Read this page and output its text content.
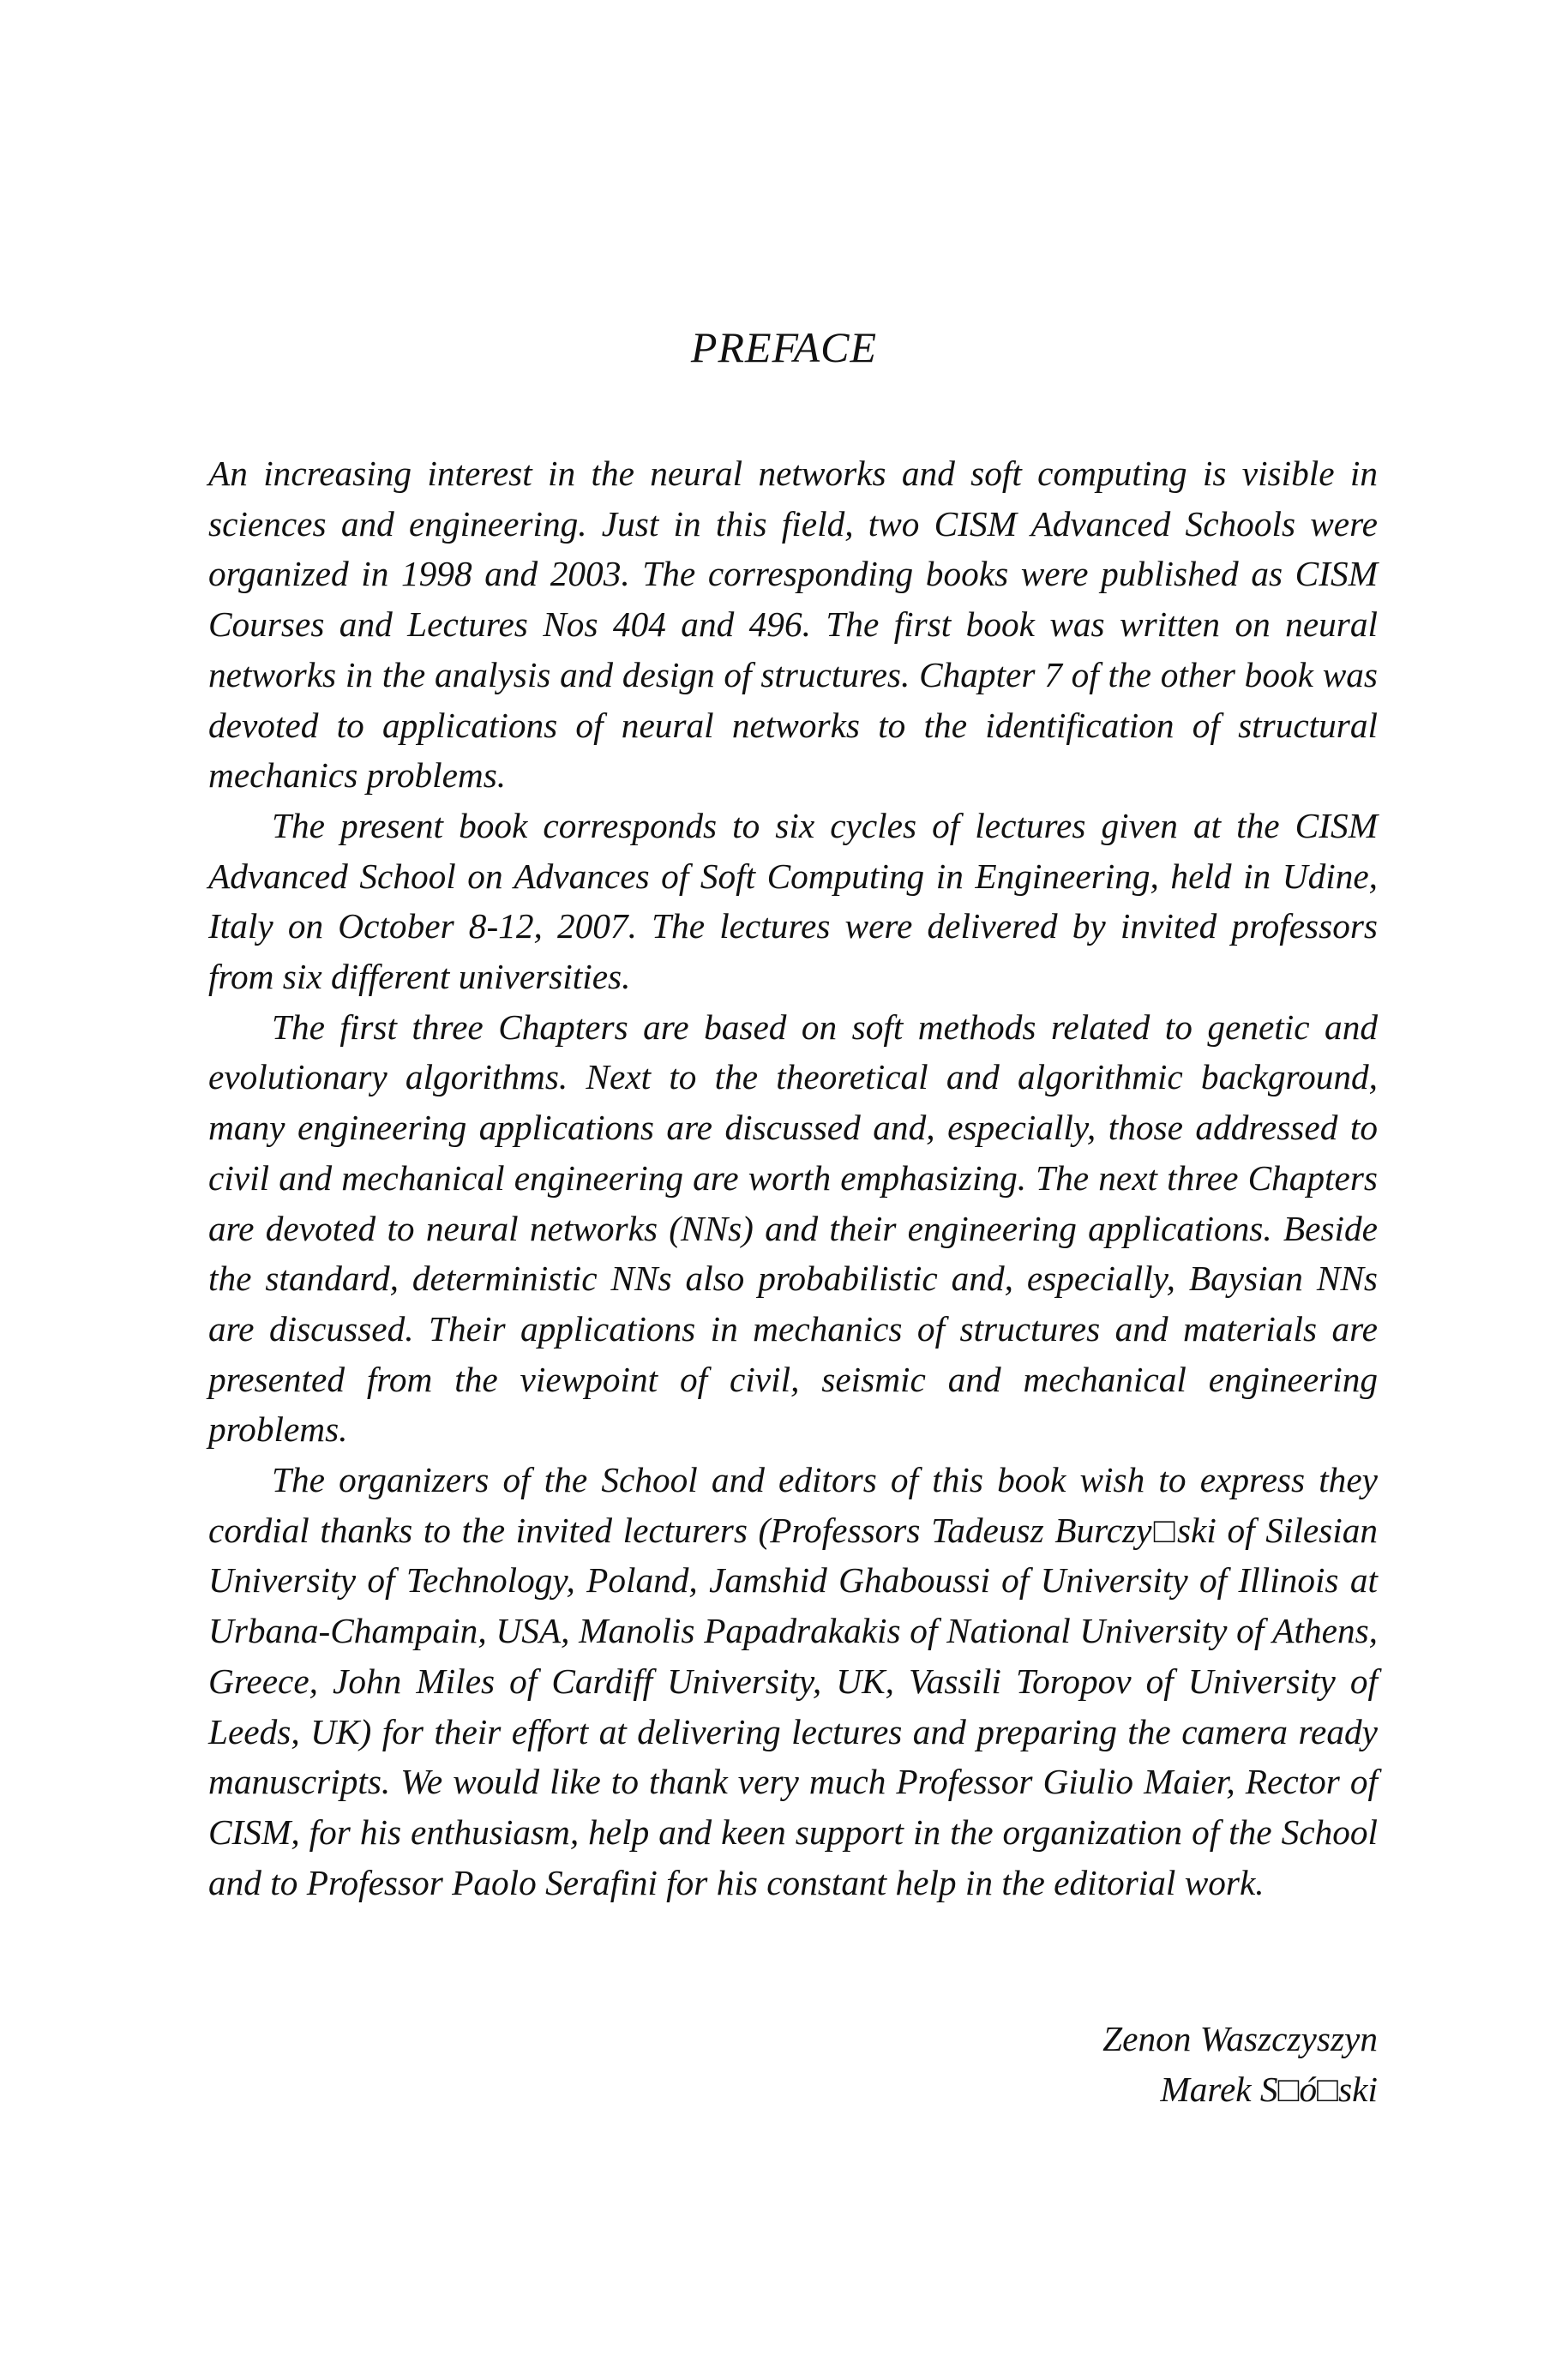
PREFACE

An increasing interest in the neural networks and soft computing is visible in sciences and engineering. Just in this field, two CISM Advanced Schools were organized in 1998 and 2003. The corresponding books were published as CISM Courses and Lectures Nos 404 and 496. The first book was written on neural networks in the analysis and design of structures. Chapter 7 of the other book was devoted to applications of neural networks to the identification of structural mechanics problems.

The present book corresponds to six cycles of lectures given at the CISM Advanced School on Advances of Soft Computing in Engineering, held in Udine, Italy on October 8-12, 2007. The lectures were delivered by invited professors from six different universities.

The first three Chapters are based on soft methods related to genetic and evolutionary algorithms. Next to the theoretical and algorithmic background, many engineering applications are discussed and, especially, those addressed to civil and mechanical engineering are worth emphasizing. The next three Chapters are devoted to neural networks (NNs) and their engineering applications. Beside the standard, deterministic NNs also probabilistic and, especially, Baysian NNs are discussed. Their applications in mechanics of structures and materials are presented from the viewpoint of civil, seismic and mechanical engineering problems.

The organizers of the School and editors of this book wish to express they cordial thanks to the invited lecturers (Professors Tadeusz Burczy□ski of Silesian University of Technology, Poland, Jamshid Ghaboussi of University of Illinois at Urbana-Champain, USA, Manolis Papadrakakis of National University of Athens, Greece, John Miles of Cardiff University, UK, Vassili Toropov of University of Leeds, UK) for their effort at delivering lectures and preparing the camera ready manuscripts. We would like to thank very much Professor Giulio Maier, Rector of CISM, for his enthusiasm, help and keen support in the organization of the School and to Professor Paolo Serafini for his constant help in the editorial work.

Zenon Waszczyszyn
Marek S□ó□ski
